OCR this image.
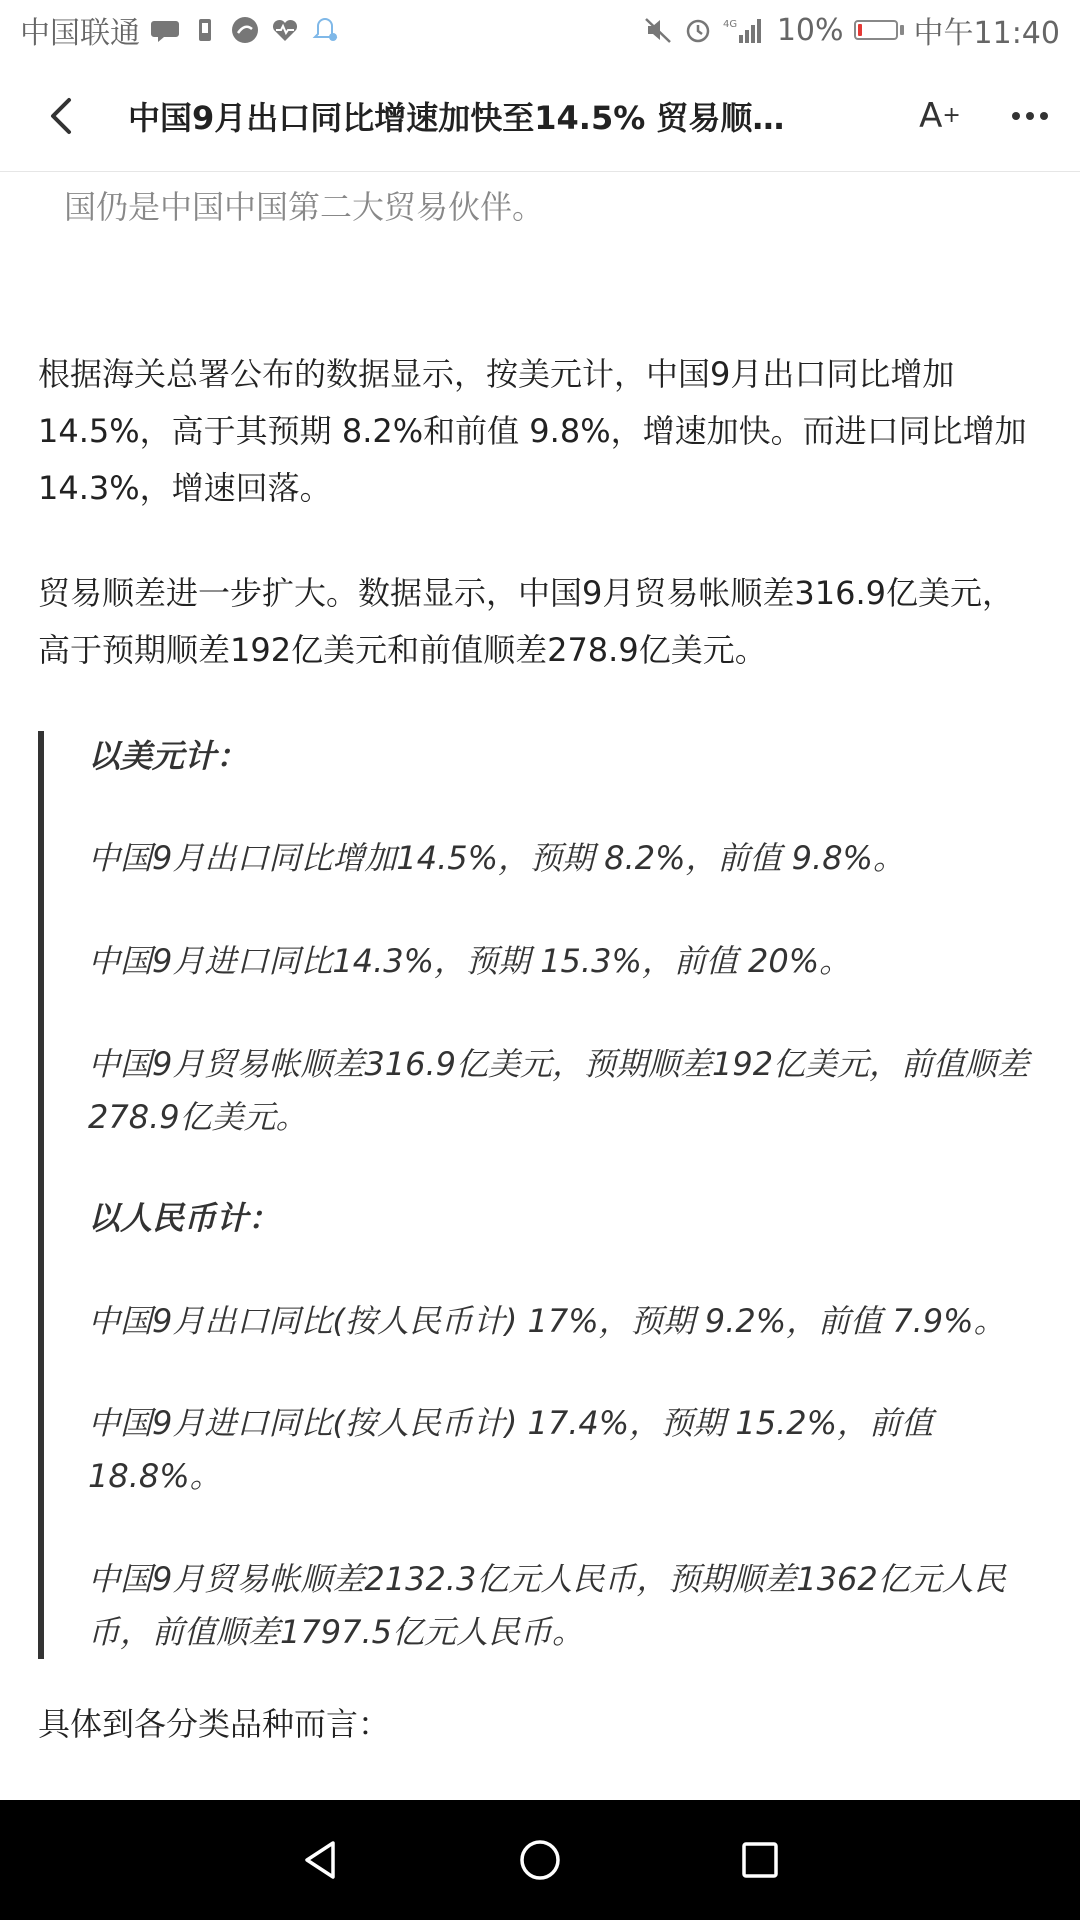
中国联通	4G 10% 中午11:40
中国9月出口同比增速加快至14.5% 贸易顺…	A +
国仍是中国中国第二大贸易伙伴。

根据海关总署公布的数据显示，按美元计，中国9月出口同比增加 14.5%，高于其预期 8.2%和前值 9.8%，增速加快。而进口同比增加14.3%，增速回落。

贸易顺差进一步扩大。数据显示，中国9月贸易帐顺差316.9亿美元，高于预期顺差192亿美元和前值顺差278.9亿美元。

以美元计：

中国9月出口同比增加14.5%，预期 8.2%，前值 9.8%。

中国9月进口同比14.3%，预期 15.3%，前值 20%。

中国9月贸易帐顺差316.9亿美元，预期顺差192亿美元，前值顺差278.9亿美元。

以人民币计：

中国9月出口同比(按人民币计) 17%，预期 9.2%，前值 7.9%。

中国9月进口同比(按人民币计) 17.4%，预期 15.2%，前值 18.8%。

中国9月贸易帐顺差2132.3亿元人民币，预期顺差1362亿元人民币，前值顺差1797.5亿元人民币。

具体到各分类品种而言：
